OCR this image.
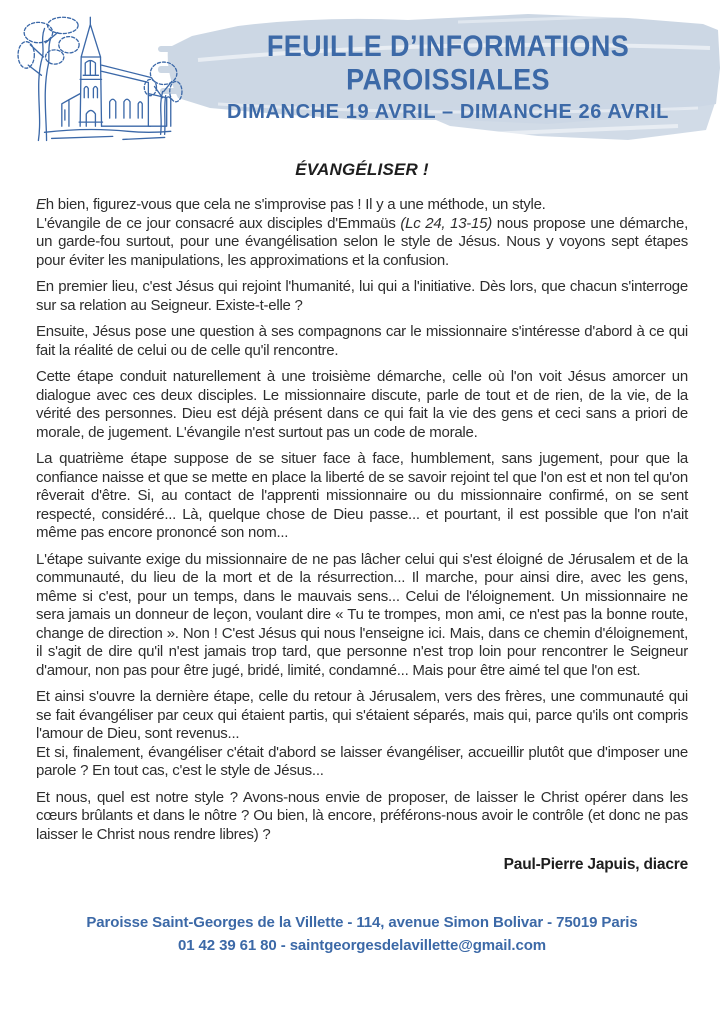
FEUILLE D’INFORMATIONS PAROISSIALES
DIMANCHE 19 AVRIL – DIMANCHE 26 AVRIL
ÉVANGÉLISER !

Eh bien, figurez-vous que cela ne s'improvise pas ! Il y a une méthode, un style.

L'évangile de ce jour consacré aux disciples d'Emmaüs (Lc 24, 13-15) nous propose une démarche, un garde-fou surtout, pour une évangélisation selon le style de Jésus. Nous y voyons sept étapes pour éviter les manipulations, les approximations et la confusion.

En premier lieu, c'est Jésus qui rejoint l'humanité, lui qui a l'initiative. Dès lors, que chacun s'interroge sur sa relation au Seigneur. Existe-t-elle ?

Ensuite, Jésus pose une question à ses compagnons car le missionnaire s'intéresse d'abord à ce qui fait la réalité de celui ou de celle qu'il rencontre.

Cette étape conduit naturellement à une troisième démarche, celle où l'on voit Jésus amorcer un dialogue avec ces deux disciples. Le missionnaire discute, parle de tout et de rien, de la vie, de la vérité des personnes. Dieu est déjà présent dans ce qui fait la vie des gens et ceci sans a priori de morale, de jugement. L'évangile n'est surtout pas un code de morale.

La quatrième étape suppose de se situer face à face, humblement, sans jugement, pour que la confiance naisse et que se mette en place la liberté de se savoir rejoint tel que l'on est et non tel qu'on rêverait d'être. Si, au contact de l'apprenti missionnaire ou du missionnaire confirmé, on se sent respecté, considéré... Là, quelque chose de Dieu passe... et pourtant, il est possible que l'on n'ait même pas encore prononcé son nom...

L'étape suivante exige du missionnaire de ne pas lâcher celui qui s'est éloigné de Jérusalem et de la communauté, du lieu de la mort et de la résurrection... Il marche, pour ainsi dire, avec les gens, même si c'est, pour un temps, dans le mauvais sens... Celui de l'éloignement. Un missionnaire ne sera jamais un donneur de leçon, voulant dire « Tu te trompes, mon ami, ce n'est pas la bonne route, change de direction ». Non ! C'est Jésus qui nous l'enseigne ici. Mais, dans ce chemin d'éloignement, il s'agit de dire qu'il n'est jamais trop tard, que personne n'est trop loin pour rencontrer le Seigneur d'amour, non pas pour être jugé, bridé, limité, condamné... Mais pour être aimé tel que l'on est.

Et ainsi s'ouvre la dernière étape, celle du retour à Jérusalem, vers des frères, une communauté qui se fait évangéliser par ceux qui étaient partis, qui s'étaient séparés, mais qui, parce qu'ils ont compris l'amour de Dieu, sont revenus...

Et si, finalement, évangéliser c'était d'abord se laisser évangéliser, accueillir plutôt que d'imposer une parole ? En tout cas, c'est le style de Jésus...

Et nous, quel est notre style ? Avons-nous envie de proposer, de laisser le Christ opérer dans les cœurs brûlants et dans le nôtre ? Ou bien, là encore, préférons-nous avoir le contrôle (et donc ne pas laisser le Christ nous rendre libres) ?

Paul-Pierre Japuis, diacre
Paroisse Saint-Georges de la Villette - 114, avenue Simon Bolivar - 75019 Paris
01 42 39 61 80 - saintgeorgesdelavillette@gmail.com
